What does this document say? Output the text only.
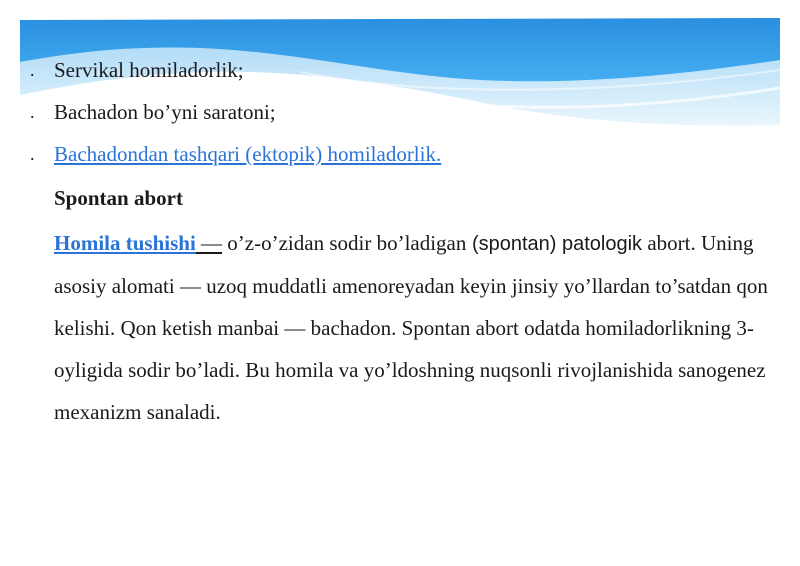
. Servikal homiladorlik;
. Bachadon bo’yni saratoni;
. Bachadondan tashqari (ektopik) homiladorlik.
Spontan abort

Homila tushishi — o’z-o’zidan sodir bo’ladigan (spontan) patologik abort. Uning asosiy alomati — uzoq muddatli amenoreyadan keyin jinsiy yo’llardan to’satdan qon kelishi. Qon ketish manbai — bachadon. Spontan abort odatda homiladorlikning 3-oyligida sodir bo’ladi. Bu homila va yo’ldoshning nuqsonli rivojlanishida sanogenez mexanizm sanaladi.
